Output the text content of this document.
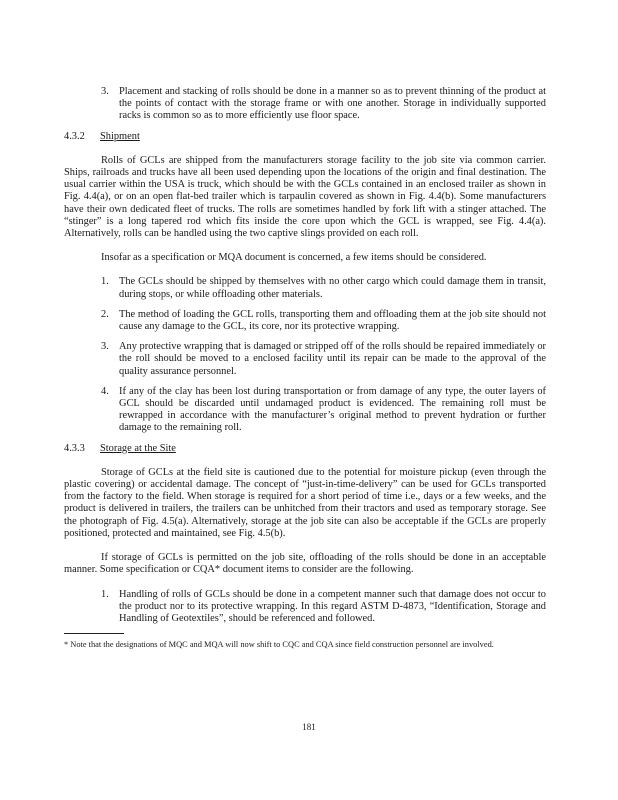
3. Placement and stacking of rolls should be done in a manner so as to prevent thinning of the product at the points of contact with the storage frame or with one another. Storage in individually supported racks is common so as to more efficiently use floor space.
4.3.2	Shipment

Rolls of GCLs are shipped from the manufacturers storage facility to the job site via common carrier. Ships, railroads and trucks have all been used depending upon the locations of the origin and final destination. The usual carrier within the USA is truck, which should be with the GCLs contained in an enclosed trailer as shown in Fig. 4.4(a), or on an open flat-bed trailer which is tarpaulin covered as shown in Fig. 4.4(b). Some manufacturers have their own dedicated fleet of trucks. The rolls are sometimes handled by fork lift with a stinger attached. The “stinger” is a long tapered rod which fits inside the core upon which the GCL is wrapped, see Fig. 4.4(a). Alternatively, rolls can be handled using the two captive slings provided on each roll.

Insofar as a specification or MQA document is concerned, a few items should be considered.

1. The GCLs should be shipped by themselves with no other cargo which could damage them in transit, during stops, or while offloading other materials.
2. The method of loading the GCL rolls, transporting them and offloading them at the job site should not cause any damage to the GCL, its core, nor its protective wrapping.
3. Any protective wrapping that is damaged or stripped off of the rolls should be repaired immediately or the roll should be moved to a enclosed facility until its repair can be made to the approval of the quality assurance personnel.
4. If any of the clay has been lost during transportation or from damage of any type, the outer layers of GCL should be discarded until undamaged product is evidenced. The remaining roll must be rewrapped in accordance with the manufacturer’s original method to prevent hydration or further damage to the remaining roll.
4.3.3	Storage at the Site

Storage of GCLs at the field site is cautioned due to the potential for moisture pickup (even through the plastic covering) or accidental damage. The concept of “just-in-time-delivery” can be used for GCLs transported from the factory to the field. When storage is required for a short period of time i.e., days or a few weeks, and the product is delivered in trailers, the trailers can be unhitched from their tractors and used as temporary storage. See the photograph of Fig. 4.5(a). Alternatively, storage at the job site can also be acceptable if the GCLs are properly positioned, protected and maintained, see Fig. 4.5(b).

If storage of GCLs is permitted on the job site, offloading of the rolls should be done in an acceptable manner. Some specification or CQA* document items to consider are the following.

1. Handling of rolls of GCLs should be done in a competent manner such that damage does not occur to the product nor to its protective wrapping. In this regard ASTM D-4873, “Identification, Storage and Handling of Geotextiles”, should be referenced and followed.
* Note that the designations of MQC and MQA will now shift to CQC and CQA since field construction personnel are involved.
181
